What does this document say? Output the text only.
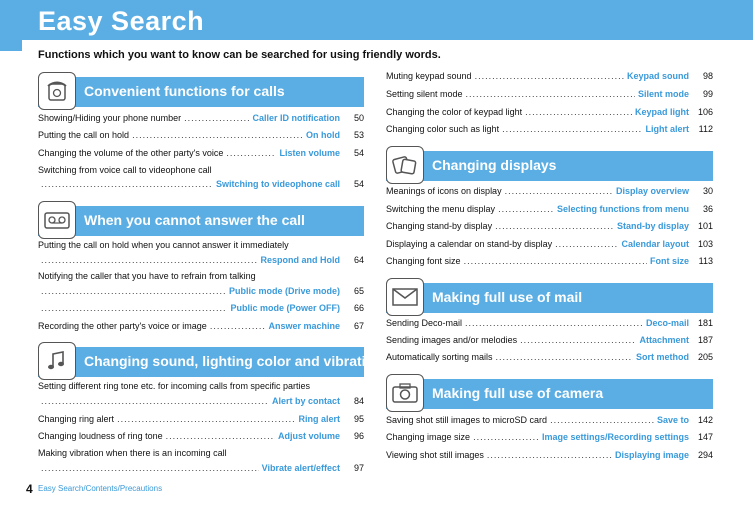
Easy Search
Functions which you want to know can be searched for using friendly words.
Convenient functions for calls
Showing/Hiding your phone number .....	Caller ID notification	50
Putting the call on hold .....	On hold	53
Changing the volume of the other party's voice .....	Listen volume	54
Switching from voice call to videophone call
.....
Switching to videophone call	54
When you cannot answer the call
Putting the call on hold when you cannot answer it immediately
.....
Respond and Hold	64
Notifying the caller that you have to refrain from talking
.....
Public mode (Drive mode)	65
.....
Public mode (Power OFF)	66
Recording the other party's voice or image .....	Answer machine	67
Changing sound, lighting color and vibration
Setting different ring tone etc. for incoming calls from specific parties
.....
Alert by contact	84
Changing ring alert .....	Ring alert	95
Changing loudness of ring tone .....	Adjust volume	96
Making vibration when there is an incoming call
.....
Vibrate alert/effect	97
Muting keypad sound .....	Keypad sound	98
Setting silent mode .....	Silent mode	99
Changing the color of keypad light .....	Keypad light 106
Changing color such as light .....	Light alert	112
Changing displays
Meanings of icons on display .....	Display overview	30
Switching the menu display .....	Selecting functions from menu	36
Changing stand-by display .....	Stand-by display 101
Displaying a calendar on stand-by display .....	Calendar layout 103
Changing font size .....	Font size	113
Making full use of mail
Sending Deco-mail .....	Deco-mail 181
Sending images and/or melodies .....	Attachment 187
Automatically sorting mails .....	Sort method 205
Making full use of camera
Saving shot still images to microSD card .....	Save to 142
Changing image size .....	Image settings/Recording settings 147
Viewing shot still images .....	Displaying image 294
4 Easy Search/Contents/Precautions
